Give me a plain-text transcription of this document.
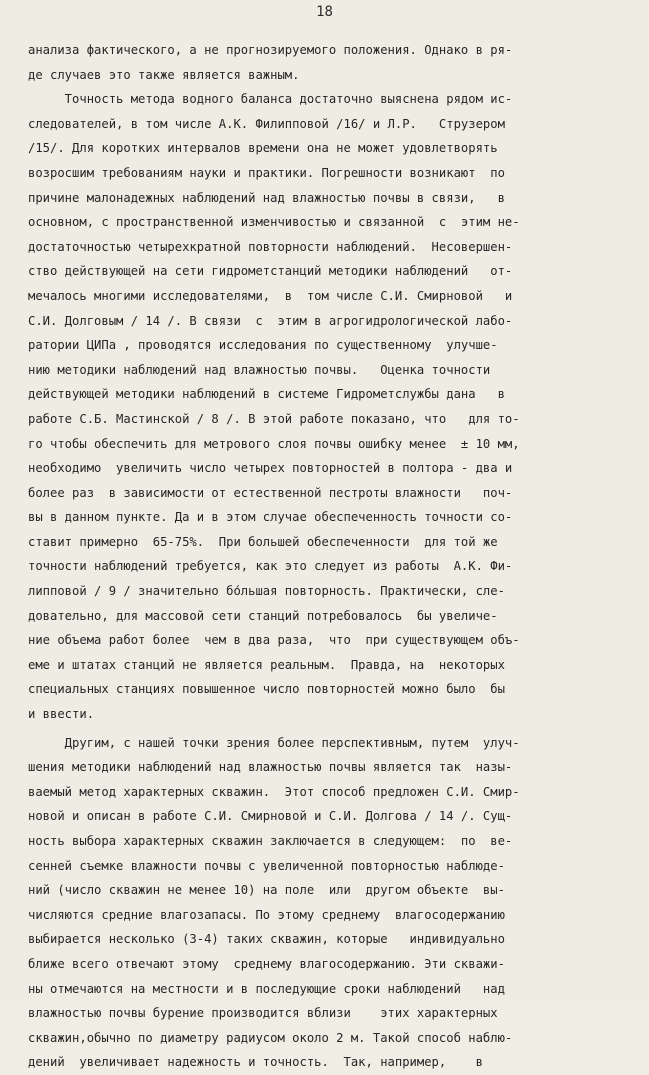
18
анализа фактического, а не прогнозируемого положения. Однако в ря-
де случаев это также является важным.
Точность метода водного баланса достаточно выяснена рядом ис-
следователей, в том числе А.К. Филипповой /16/ и Л.Р.   Струзером
/15/. Для коротких интервалов времени она не может удовлетворять
возросшим требованиям науки и практики. Погрешности возникают  по
причине малонадежных наблюдений над влажностью почвы в связи,   в
основном, с пространственной изменчивостью и связанной  с  этим не-
достаточностью четырехкратной повторности наблюдений.  Несовершен-
ство действующей на сети гидрометстанций методики наблюдений   от-
мечалось многими исследователями,  в  том числе С.И. Смирновой   и
С.И. Долговым / 14 /. В связи  с  этим в агрогидрологической лабо-
ратории ЦИПа , проводятся исследования по существенному  улучше-
нию методики наблюдений над влажностью почвы.   Оценка точности
действующей методики наблюдений в системе Гидрометслужбы дана   в
работе С.Б. Мастинской / 8 /. В этой работе показано, что   для то-
го чтобы обеспечить для метрового слоя почвы ошибку менее  ± 10 мм,
необходимо  увеличить число четырех повторностей в полтора - два и
более раз  в зависимости от естественной пестроты влажности   поч-
вы в данном пункте. Да и в этом случае обеспеченность точности со-
ставит примерно  65-75%.  При большей обеспеченности  для той же
точности наблюдений требуется, как это следует из работы  А.К. Фи-
липповой / 9 / значительно бо́льшая повторность. Практически, сле-
довательно, для массовой сети станций потребовалось  бы увеличе-
ние объема работ более  чем в два раза,  что  при существующем объ-
еме и штатах станций не является реальным.  Правда, на  некоторых
специальных станциях повышенное число повторностей можно было  бы
и ввести.
Другим, с нашей точки зрения более перспективным, путем  улуч-
шения методики наблюдений над влажностью почвы является так  назы-
ваемый метод характерных скважин.  Этот способ предложен С.И. Смир-
новой и описан в работе С.И. Смирновой и С.И. Долгова / 14 /. Сущ-
ность выбора характерных скважин заключается в следующем:  по  ве-
сенней съемке влажности почвы с увеличенной повторностью наблюде-
ний (число скважин не менее 10) на поле  или  другом объекте  вы-
числяются средние влагозапасы. По этому среднему  влагосодержанию
выбирается несколько (3-4) таких скважин, которые   индивидуально
ближе всего отвечают этому  среднему влагосодержанию. Эти скважи-
ны отмечаются на местности и в последующие сроки наблюдений   над
влажностью почвы бурение производится вблизи    этих характерных
скважин,обычно по диаметру радиусом около 2 м. Такой способ наблю-
дений  увеличивает надежность и точность.  Так, например,    в
